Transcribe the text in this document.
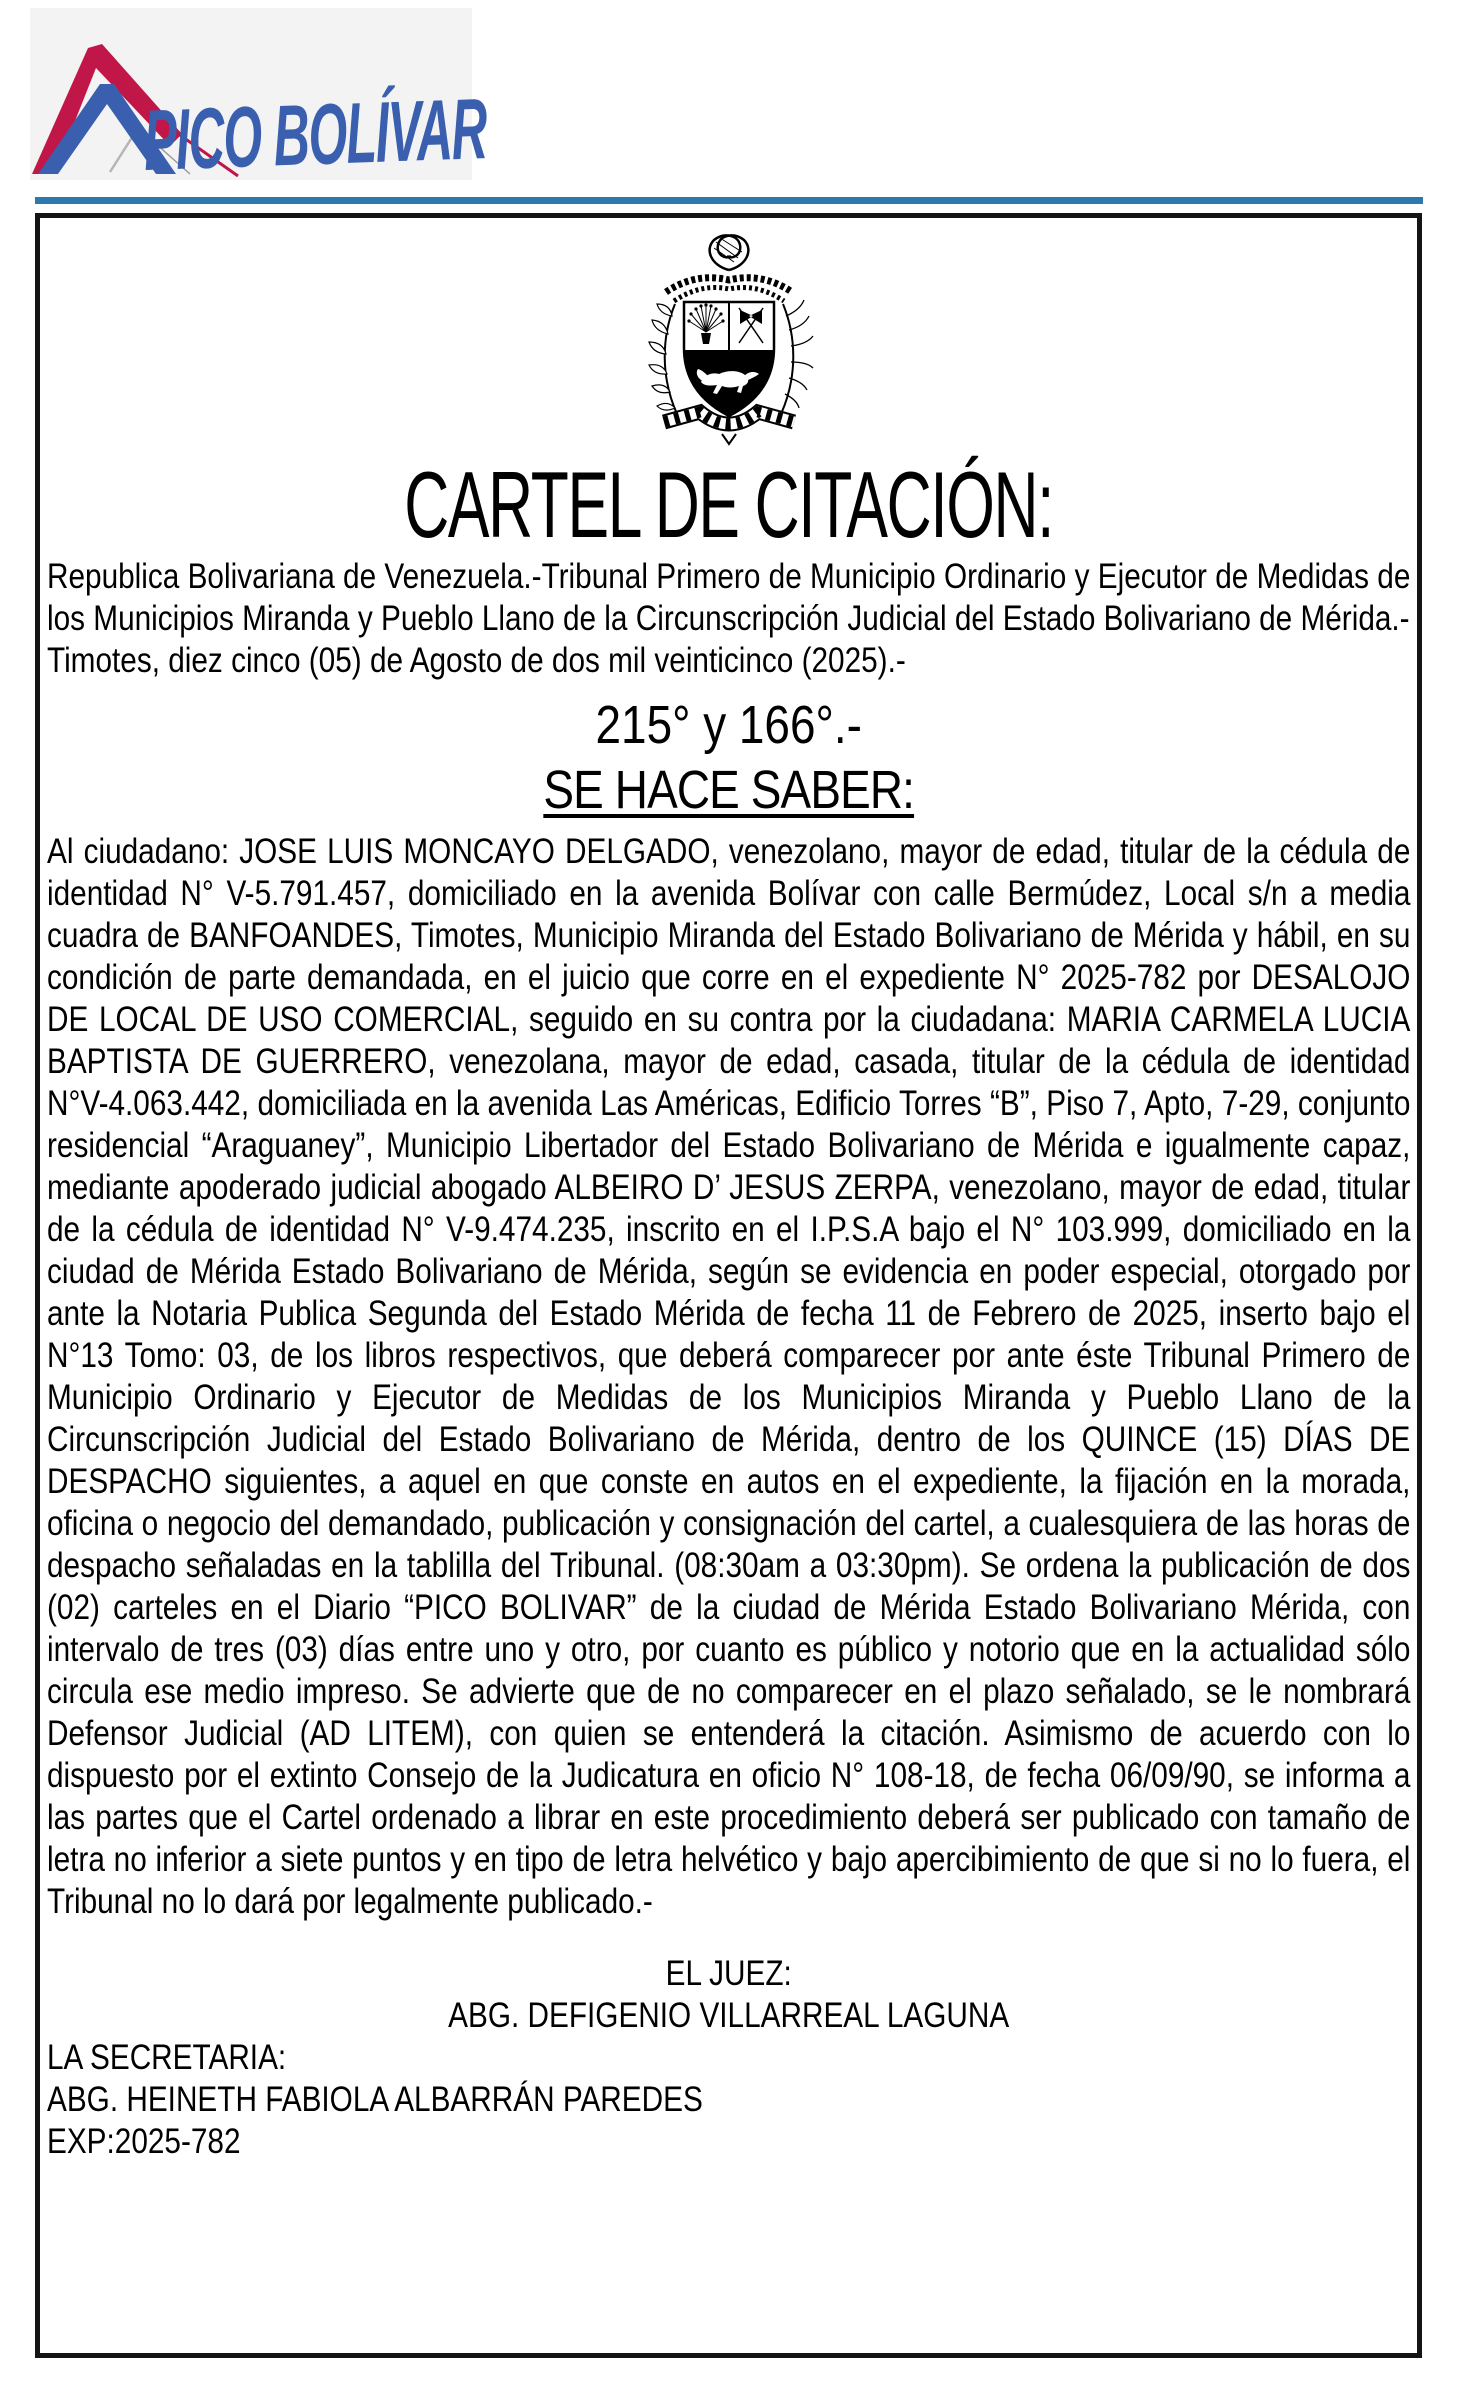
PICO BOLÍVAR
CARTEL DE CITACIÓN:

Republica Bolivariana de Venezuela.-Tribunal Primero de Municipio Ordinario y Ejecutor de Medidas de los Municipios Miranda y Pueblo Llano de la Circunscripción Judicial del Estado Bolivariano de Mérida.-

Timotes, diez cinco (05) de Agosto de dos mil veinticinco (2025).-

215° y 166°.-
SE HACE SABER:

Al ciudadano: JOSE LUIS MONCAYO DELGADO, venezolano, mayor de edad, titular de la cédula de identidad N° V-5.791.457, domiciliado en la avenida Bolívar con calle Bermúdez, Local s/n a media cuadra de BANFOANDES, Timotes, Municipio Miranda del Estado Bolivariano de Mérida y hábil, en su condición de parte demandada, en el juicio que corre en el expediente N° 2025-782 por DESALOJO DE LOCAL DE USO COMERCIAL, seguido en su contra por la ciudadana: MARIA CARMELA LUCIA BAPTISTA DE GUERRERO, venezolana, mayor de edad, casada, titular de la cédula de identidad N°V-4.063.442, domiciliada en la avenida Las Américas, Edificio Torres “B”, Piso 7, Apto, 7-29, conjunto residencial “Araguaney”, Municipio Libertador del Estado Bolivariano de Mérida e igualmente capaz, mediante apoderado judicial abogado ALBEIRO D’ JESUS ZERPA, venezolano, mayor de edad, titular de la cédula de identidad N° V-9.474.235, inscrito en el I.P.S.A bajo el N° 103.999, domiciliado en la ciudad de Mérida Estado Bolivariano de Mérida, según se evidencia en poder especial, otorgado por ante la Notaria Publica Segunda del Estado Mérida de fecha 11 de Febrero de 2025, inserto bajo el N°13 Tomo: 03, de los libros respectivos, que deberá comparecer por ante éste Tribunal Primero de Municipio Ordinario y Ejecutor de Medidas de los Municipios Miranda y Pueblo Llano de la Circunscripción Judicial del Estado Bolivariano de Mérida, dentro de los QUINCE (15) DÍAS DE DESPACHO siguientes, a aquel en que conste en autos en el expediente, la fijación en la morada, oficina o negocio del demandado, publicación y consignación del cartel, a cualesquiera de las horas de despacho señaladas en la tablilla del Tribunal. (08:30am a 03:30pm). Se ordena la publicación de dos (02) carteles en el Diario “PICO BOLIVAR” de la ciudad de Mérida Estado Bolivariano Mérida, con intervalo de tres (03) días entre uno y otro, por cuanto es público y notorio que en la actualidad sólo circula ese medio impreso. Se advierte que de no comparecer en el plazo señalado, se le nombrará Defensor Judicial (AD LITEM), con quien se entenderá la citación. Asimismo de acuerdo con lo dispuesto por el extinto Consejo de la Judicatura en oficio N° 108-18, de fecha 06/09/90, se informa a las partes que el Cartel ordenado a librar en este procedimiento deberá ser publicado con tamaño de letra no inferior a siete puntos y en tipo de letra helvético y bajo apercibimiento de que si no lo fuera, el Tribunal no lo dará por legalmente publicado.-

EL JUEZ:

ABG. DEFIGENIO VILLARREAL LAGUNA

LA SECRETARIA:

ABG. HEINETH FABIOLA ALBARRÁN PAREDES

EXP:2025-782
